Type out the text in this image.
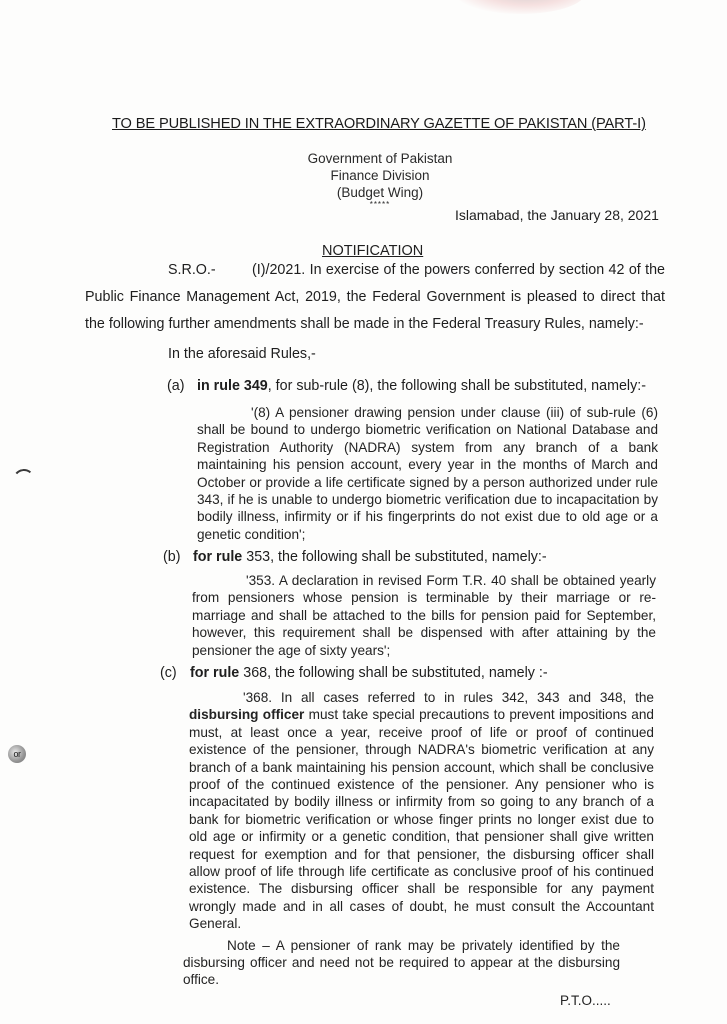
or
TO BE PUBLISHED IN THE EXTRAORDINARY GAZETTE OF PAKISTAN (PART-I)
Government of Pakistan
Finance Division
(Budget Wing)
*****
Islamabad, the January 28, 2021
NOTIFICATION
S.R.O.-	(I)/2021. In exercise of the powers conferred by section 42 of the Public Finance Management Act, 2019, the Federal Government is pleased to direct that the following further amendments shall be made in the Federal Treasury Rules, namely:-
In the aforesaid Rules,-
(a) in rule 349, for sub-rule (8), the following shall be substituted, namely:-
'(8) A pensioner drawing pension under clause (iii) of sub-rule (6) shall be bound to undergo biometric verification on National Database and Registration Authority (NADRA) system from any branch of a bank maintaining his pension account, every year in the months of March and October or provide a life certificate signed by a person authorized under rule 343, if he is unable to undergo biometric verification due to incapacitation by bodily illness, infirmity or if his fingerprints do not exist due to old age or a genetic condition';
(b) for rule 353, the following shall be substituted, namely:-
'353. A declaration in revised Form T.R. 40 shall be obtained yearly from pensioners whose pension is terminable by their marriage or re-marriage and shall be attached to the bills for pension paid for September, however, this requirement shall be dispensed with after attaining by the pensioner the age of sixty years';
(c) for rule 368, the following shall be substituted, namely :-
'368. In all cases referred to in rules 342, 343 and 348, the disbursing officer must take special precautions to prevent impositions and must, at least once a year, receive proof of life or proof of continued existence of the pensioner, through NADRA's biometric verification at any branch of a bank maintaining his pension account, which shall be conclusive proof of the continued existence of the pensioner. Any pensioner who is incapacitated by bodily illness or infirmity from so going to any branch of a bank for biometric verification or whose finger prints no longer exist due to old age or infirmity or a genetic condition, that pensioner shall give written request for exemption and for that pensioner, the disbursing officer shall allow proof of life through life certificate as conclusive proof of his continued existence. The disbursing officer shall be responsible for any payment wrongly made and in all cases of doubt, he must consult the Accountant General.
Note – A pensioner of rank may be privately identified by the disbursing officer and need not be required to appear at the disbursing office.
P.T.O.....
